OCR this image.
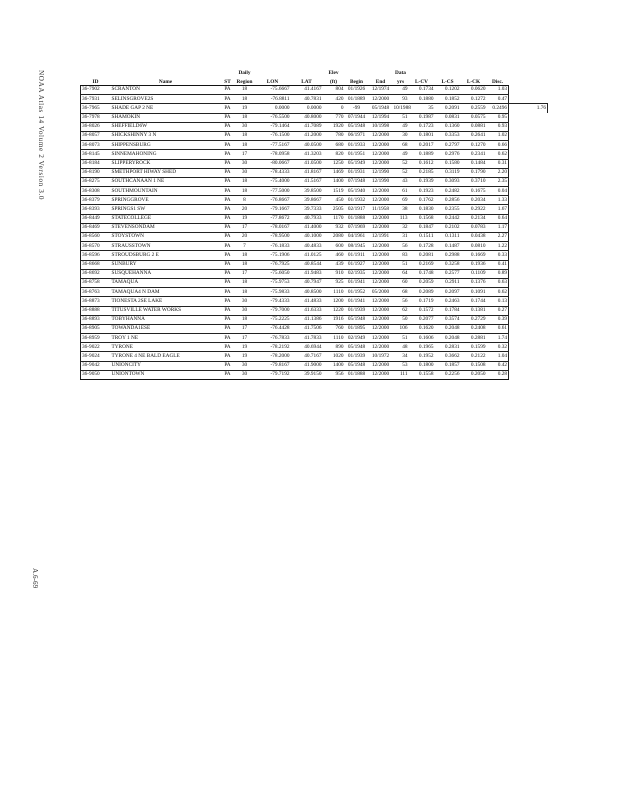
NOAA Atlas 14 Volume 2 Version 3.0
A.6-69
			Daily			Elev			Data					
ID	Name	ST	Region	LON	LAT	(ft)	Begin	End	yrs	L-CV	L-CS	L-CK	Disc.	
36-7902	SCRANTON	PA	18	-75.6667	41.4167	804	01/1926	12/1974	49	0.1734	0.1202	0.0620	1.03	
36-7931	SELINSGROVE2S	PA	18	-76.8811	40.7831	420	01/1889	12/2000	93	0.1880	0.1852	0.1272	0.47	
36-7965	SHADE GAP 2 NE	PA	19	0.0000	0.0000	0	-99	05/1948	10/1988	35	0.2091	0.2559	0.2496	1.76
36-7978	SHAMOKIN	PA	18	-76.5500	40.8000	770	07/1944	12/1994	51	0.1987	0.0831	0.0575	0.95	
36-8026	SHEFFIELD6W	PA	30	-79.1464	41.7089	1920	05/1948	10/1998	49	0.1723	0.1360	0.0881	0.93	
36-8057	SHICKSHINNY 3 N	PA	18	-76.1500	41.2000	780	06/1971	12/2000	30	0.1801	0.3353	0.2641	1.02	
36-8073	SHIPPENSBURG	PA	18	-77.5167	40.0500	680	01/1933	12/2000	68	0.2017	0.2797	0.1270	0.66	
36-8145	SINNEMAHONING	PA	17	-78.0958	41.3203	820	01/1951	12/2000	49	0.1889	0.2976	0.2341	0.62	
36-8184	SLIPPERYROCK	PA	30	-80.0667	41.0500	1250	05/1949	12/2000	52	0.1612	0.1580	0.1484	0.31	
36-8190	SMETHPORT HIWAY SHED	PA	30	-78.4333	41.8167	1469	01/1931	12/1990	52	0.2185	0.3119	0.1790	2.20	
36-8275	SOUTHCANAAN 1 NE	PA	18	-75.4000	41.5167	1400	07/1948	12/1990	43	0.1939	0.3093	0.3710	2.35	
36-8308	SOUTHMOUNTAIN	PA	18	-77.5000	39.8500	1519	05/1940	12/2000	61	0.1923	0.2482	0.1675	0.04	
36-8379	SPRINGGROVE	PA	8	-76.8667	39.8667	450	01/1932	12/2000	69	0.1762	0.2856	0.2034	1.33	
36-8393	SPRINGS1 SW	PA	20	-79.1667	39.7333	2505	02/1917	11/1958	38	0.1830	0.2355	0.2922	1.67	
36-8449	STATECOLLEGE	PA	19	-77.8672	40.7933	1170	01/1888	12/2000	113	0.1568	0.2442	0.2134	0.64	
36-8469	STEVENSONDAM	PA	17	-78.0167	41.4000	932	07/1969	12/2000	32	0.1847	0.2102	0.0783	1.17	
36-8560	STOYSTOWN	PA	20	-78.9500	40.1000	2080	04/1961	12/1991	31	0.1511	0.1311	0.0438	2.27	
36-8570	STRAUSSTOWN	PA	7	-76.1833	40.4833	600	08/1945	12/2000	56	0.1728	0.1487	0.0810	1.22	
36-8596	STROUDSBURG 2 E	PA	18	-75.1906	41.0125	460	01/1911	12/2000	83	0.2081	0.2988	0.1669	0.33	
36-8668	SUNBURY	PA	18	-76.7925	40.8544	439	01/1927	12/2000	51	0.2169	0.3258	0.1936	0.41	
36-8692	SUSQUEHANNA	PA	17	-75.6050	41.9483	910	02/1935	12/2000	64	0.1748	0.2577	0.1109	0.89	
36-8758	TAMAQUA	PA	18	-75.9753	40.7947	925	01/1941	12/2000	60	0.2059	0.2911	0.1376	0.63	
36-8763	TAMAQUA4 N DAM	PA	18	-75.9833	40.8500	1110	01/1952	05/2000	68	0.2089	0.2097	0.1091	0.62	
36-8873	TIONESTA 2SE LAKE	PA	30	-79.4333	41.4833	1200	01/1941	12/2000	56	0.1719	0.2463	0.1744	0.13	
36-8888	TITUSVILLE WATER WORKS	PA	30	-79.7000	41.6333	1220	01/1939	12/2000	62	0.1572	0.1784	0.1381	0.27	
36-8893	TOBYHANNA	PA	18	-75.2225	41.1386	1916	05/1948	12/2000	50	0.2077	0.3574	0.2729	0.39	
36-8905	TOWANDA1ESE	PA	17	-76.4428	41.7506	760	01/1895	12/2000	106	0.1620	0.2048	0.2408	0.61	
36-8959	TROY 1 NE	PA	17	-76.7833	41.7833	1110	02/1949	12/2000	51	0.1606	0.2048	0.2881	1.74	
36-9022	TYRONE	PA	19	-78.2192	40.6944	890	05/1948	12/2000	48	0.1965	0.2831	0.1599	0.32	
36-9024	TYRONE 4 NE BALD EAGLE	PA	19	-78.2000	40.7167	1020	01/1939	10/1972	34	0.1952	0.3662	0.2122	1.04	
36-9042	UNIONCITY	PA	30	-79.8167	41.9000	1400	05/1948	12/2000	53	0.1800	0.1857	0.1508	0.42	
36-9050	UNIONTOWN	PA	30	-79.7192	39.9150	956	01/1888	12/2000	111	0.1558	0.2256	0.2050	0.28	
